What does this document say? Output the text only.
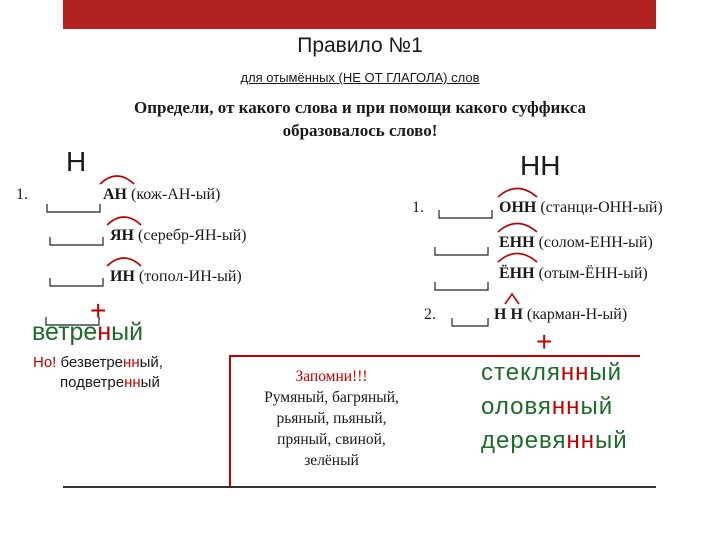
Правило №1
для отымённых (НЕ ОТ ГЛАГОЛА) слов
Определи, от какого слова и при помощи какого суффикса
образовалось слово!
Н
1.	АН (кож-АН-ый)
ЯН (серебр-ЯН-ый)
ИН (топол-ИН-ый)
+
ветреный
Но! безветренный,
подветренный
НН
1.	ОНН (станци-ОНН-ый)
ЕНН (солом-ЕНН-ый)
ЁНН (отым-ЁНН-ый)
2.	Н Н (карман-Н-ый)
+
стеклянный
оловянный
деревянный
Запомни!!!
Румяный, багряный,
рьяный, пьяный,
пряный, свиной,
зелёный
